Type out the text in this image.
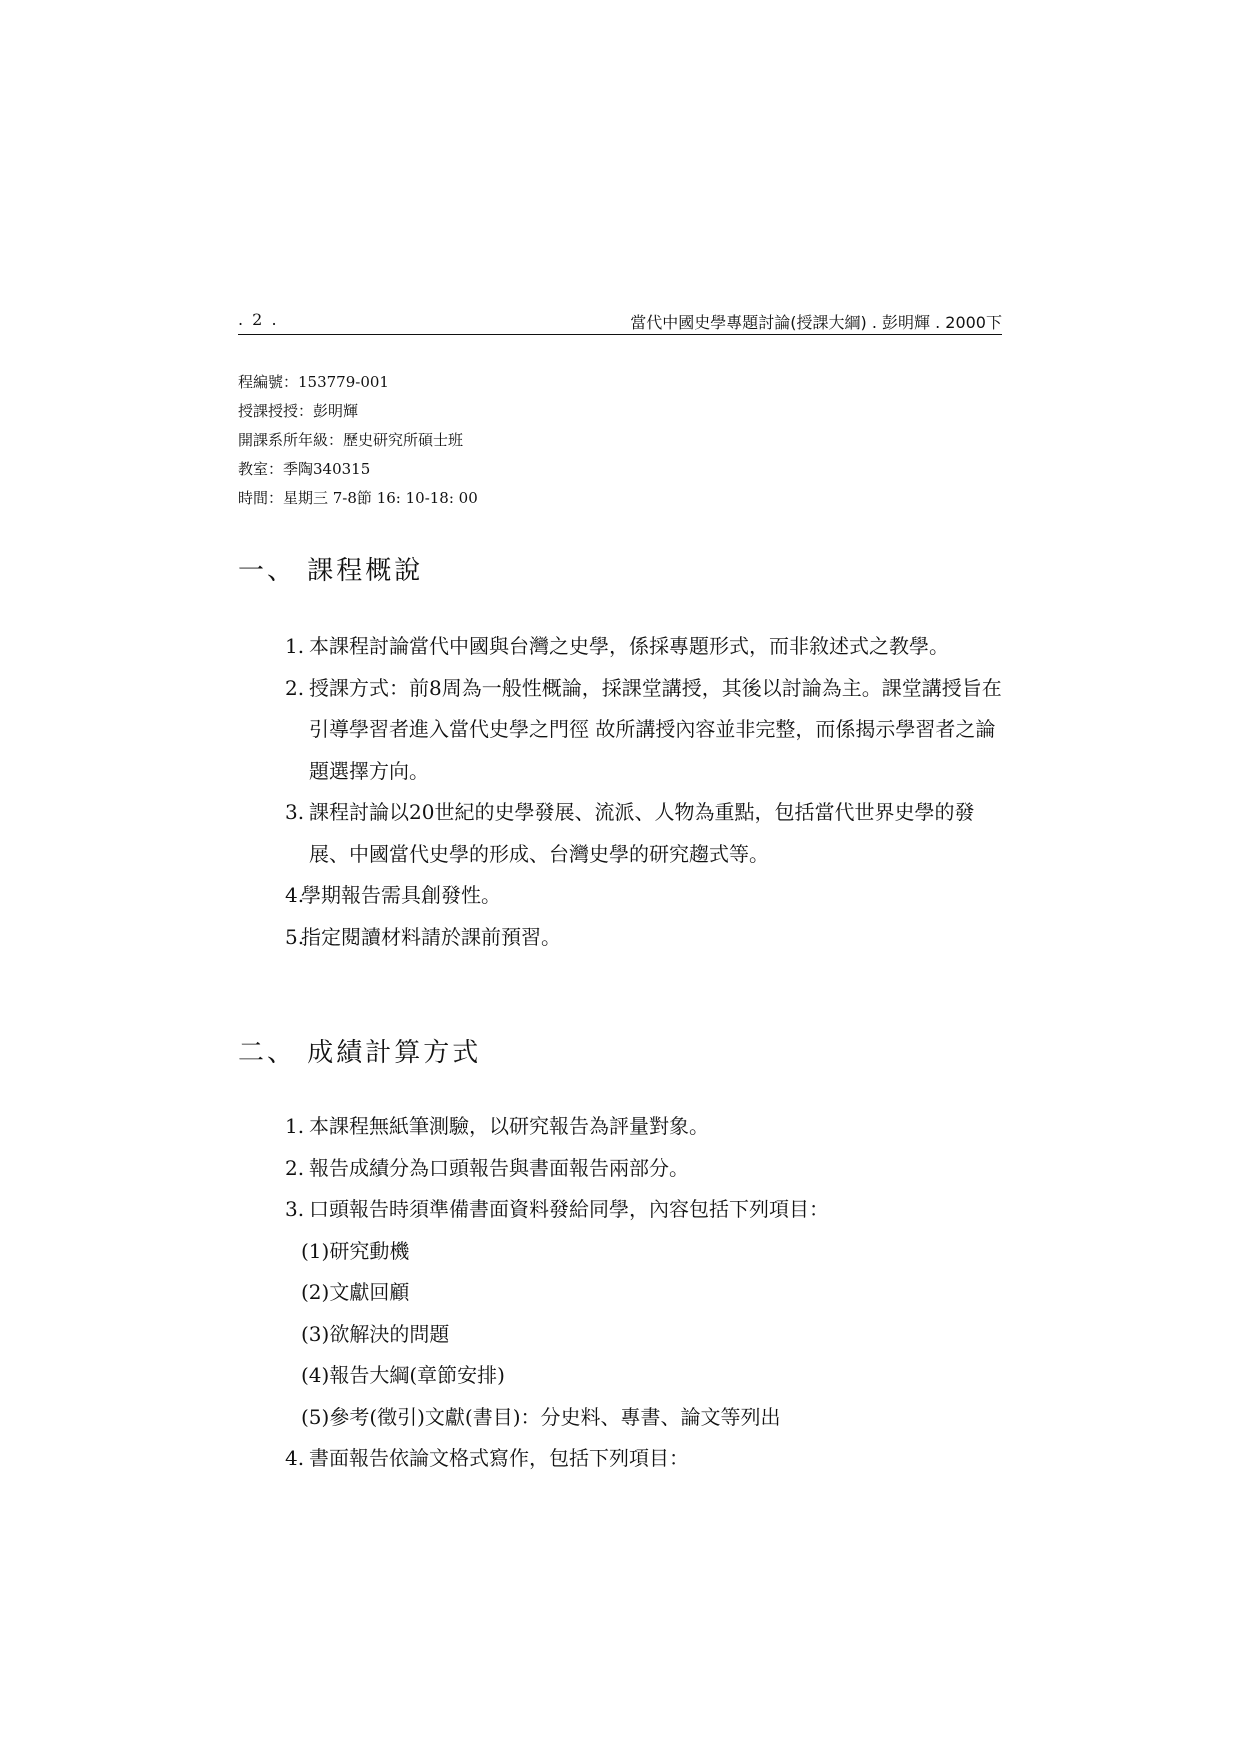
. 2 .	當代中國史學專題討論(授課大綱) . 彭明輝 . 2000下
程編號：153779-001
授課授授：彭明輝
開課系所年級：歷史研究所碩士班
教室：季陶340315
時間：星期三 7-8節 16: 10-18: 00
一、 課程概說
1. 本課程討論當代中國與台灣之史學，係採專題形式，而非敘述式之教學。
2. 授課方式：前8周為一般性概論，採課堂講授，其後以討論為主。課堂講授旨在引導學習者進入當代史學之門徑 故所講授內容並非完整，而係揭示學習者之論題選擇方向。
3. 課程討論以20世紀的史學發展、流派、人物為重點，包括當代世界史學的發展、中國當代史學的形成、台灣史學的研究趨式等。
4.
學期報告需具創發性。
5.
指定閱讀材料請於課前預習。
二、 成績計算方式
1. 本課程無紙筆測驗，以研究報告為評量對象。
2. 報告成績分為口頭報告與書面報告兩部分。
3. 口頭報告時須準備書面資料發給同學，內容包括下列項目：
(1)研究動機
(2)文獻回顧
(3)欲解決的問題
(4)報告大綱(章節安排)
(5)參考(徵引)文獻(書目)：分史料、專書、論文等列出
4. 書面報告依論文格式寫作，包括下列項目：
